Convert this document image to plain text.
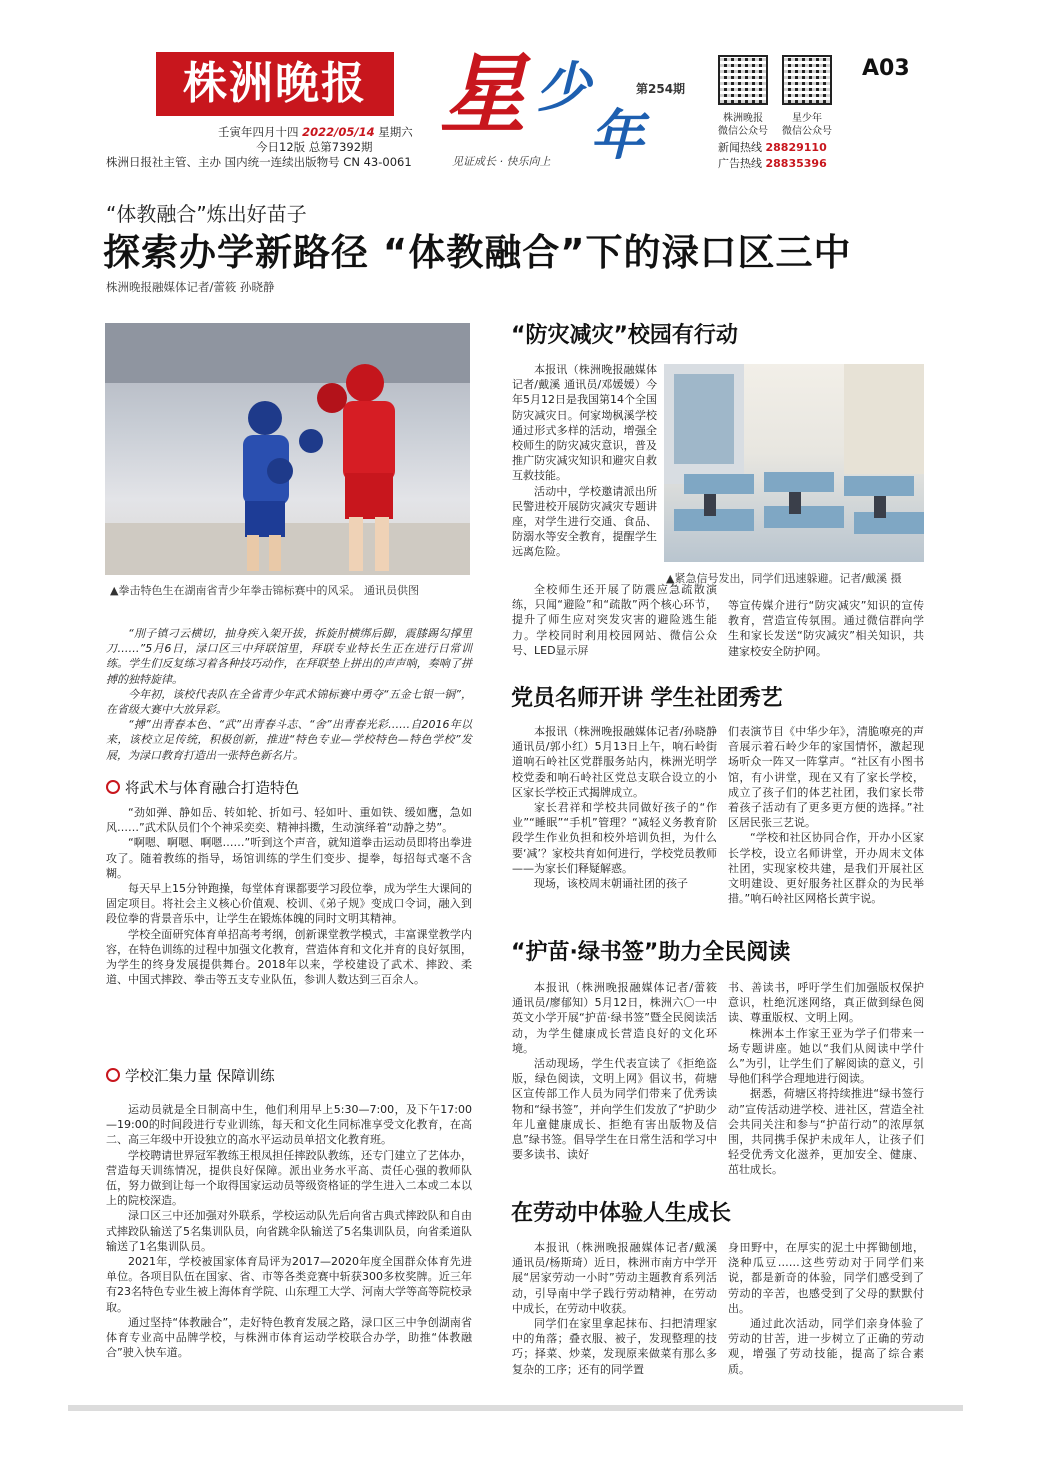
株洲晚报 星 少
年
第254期
见证成长 · 快乐向上
壬寅年四月十四 2022/05/14 星期六
今日12版 总第7392期
株洲日报社主管、主办 国内统一连续出版物号 CN 43-0061
株洲晚报
微信公众号
星少年
微信公众号
新闻热线 28829110
广告热线 28835396
A03
“体教融合”炼出好苗子
探索办学新路径 “体教融合”下的渌口区三中
株洲晚报融媒体记者/蕾筱 孙晓静
▲拳击特色生在湖南省青少年拳击锦标赛中的风采。 通讯员供图

“刖子镇刁云横切，抽身疾入架开拔，拆旋肘横绑后脚，震膝踢勾撑里刀……”5月6日，渌口区三中拜联馆里，拜联专业特长生正在进行日常训练。学生们反复练习着各种技巧动作，在拜联垫上拼出的声声响，奏响了拼搏的独特旋律。

今年初，该校代表队在全省青少年武术锦标赛中勇夺“五金七银一铜”，在省级大赛中大放异彩。

“搏”出青春本色、“武”出青春斗志、“舍”出青春光彩……自2016年以来，该校立足传统，积极创新，推进“特色专业—学校特色—特色学校”发展，为渌口教育打造出一张特色新名片。

将武术与体育融合打造特色

“劲如弹、静如岳、转如轮、折如弓、轻如叶、重如铁、缓如鹰，急如风……”武术队员们个个神采奕奕、精神抖擞，生动演绎着“动静之势”。

“啊嗯、啊嗯、啊嗯……”听到这个声音，就知道拳击运动员即将出拳进攻了。随着教练的指导，场馆训练的学生们变步、提拳，每招每式毫不含糊。

每天早上15分钟跑操，每堂体育课都要学习段位拳，成为学生大课间的固定项目。将社会主义核心价值观、校训、《弟子规》变成口令词，融入到段位拳的背景音乐中，让学生在锻炼体魄的同时文明其精神。

学校全面研究体育单招高考考纲，创新课堂教学模式，丰富课堂教学内容，在特色训练的过程中加强文化教育，营造体育和文化并育的良好氛围，为学生的终身发展提供舞台。2018年以来，学校建设了武术、摔跤、柔道、中国式摔跤、拳击等五支专业队伍，参训人数达到三百余人。

学校汇集力量 保障训练

运动员就是全日制高中生，他们利用早上5:30—7:00，及下午17:00—19:00的时间段进行专业训练，每天和文化生同标准享受文化教育，在高二、高三年级中开设独立的高水平运动员单招文化教育班。

学校聘请世界冠军教练王根凤担任摔跤队教练，还专门建立了艺体办，营造每天训练情况，提供良好保障。派出业务水平高、责任心强的教师队伍，努力做到让每一个取得国家运动员等级资格证的学生进入二本或二本以上的院校深造。

渌口区三中还加强对外联系，学校运动队先后向省古典式摔跤队和自由式摔跤队输送了5名集训队员，向省跳伞队输送了5名集训队员，向省柔道队输送了1名集训队员。

2021年，学校被国家体育局评为2017—2020年度全国群众体育先进单位。各项目队伍在国家、省、市等各类竞赛中斩获300多枚奖牌。近三年有23名特色专业生被上海体育学院、山东理工大学、河南大学等高等院校录取。

通过坚持“体教融合”，走好特色教育发展之路，渌口区三中争创湖南省体育专业高中品牌学校，与株洲市体育运动学校联合办学，助推“体教融合”驶入快车道。

“防灾减灾”校园有行动

本报讯（株洲晚报融媒体记者/戴溪 通讯员/邓媛媛）今年5月12日是我国第14个全国防灾减灾日。何家坳枫溪学校通过形式多样的活动，增强全校师生的防灾减灾意识，普及推广防灾减灾知识和避灾自救互救技能。

活动中，学校邀请派出所民警进校开展防灾减灾专题讲座，对学生进行交通、食品、防溺水等安全教育，提醒学生远离危险。

▲紧急信号发出，同学们迅速躲避。记者/戴溪 摄

全校师生还开展了防震应急疏散演练，只闻“避险”和“疏散”两个核心环节，提升了师生应对突发灾害的避险逃生能力。学校同时利用校园网站、微信公众号、LED显示屏

等宣传媒介进行“防灾减灾”知识的宣传教育，营造宣传氛围。通过微信群向学生和家长发送“防灾减灾”相关知识，共建家校安全防护网。

党员名师开讲 学生社团秀艺

本报讯（株洲晚报融媒体记者/孙晓静 通讯员/郭小红）5月13日上午，响石岭街道响石岭社区党群服务站内，株洲光明学校党委和响石岭社区党总支联合设立的小区家长学校正式揭牌成立。

家长君祥和学校共同做好孩子的“作业”“睡眠”“手机”管理？“减轻义务教育阶段学生作业负担和校外培训负担，为什么要‘减’？家校共育如何进行，学校党员教师——为家长们释疑解惑。

现场，该校周末朝诵社团的孩子

们表演节目《中华少年》，清脆嘹亮的声音展示着石岭少年的家国情怀，激起现场听众一阵又一阵掌声。“社区有小图书馆，有小讲堂，现在又有了家长学校，成立了孩子们的体艺社团，我们家长带着孩子活动有了更多更方便的选择。”社区居民张三艺说。

“学校和社区协同合作，开办小区家长学校，设立名师讲堂，开办周末文体社团，实现家校共建，是我们开展社区文明建设、更好服务社区群众的为民举措。”响石岭社区网格长黄宇说。

“护苗·绿书签”助力全民阅读

本报讯（株洲晚报融媒体记者/蕾筱 通讯员/廖郁知）5月12日，株洲六〇一中英文小学开展“护苗·绿书签”暨全民阅读活动，为学生健康成长营造良好的文化环境。

活动现场，学生代表宣读了《拒绝盗版，绿色阅读，文明上网》倡议书，荷塘区宣传部工作人员为同学们带来了优秀读物和“绿书签”，并向学生们发放了“护助少年儿童健康成长、拒绝有害出版物及信息”绿书签。倡导学生在日常生活和学习中要多读书、读好

书、善读书，呼吁学生们加强版权保护意识，杜绝沉迷网络，真正做到绿色阅读、尊重版权、文明上网。

株洲本土作家王亚为学子们带来一场专题讲座。她以“我们从阅读中学什么”为引，让学生们了解阅读的意义，引导他们科学合理地进行阅读。

据悉，荷塘区将持续推进“绿书签行动”宣传活动进学校、进社区，营造全社会共同关注和参与“护苗行动”的浓厚氛围，共同携手保护未成年人，让孩子们轻受优秀文化滋养，更加安全、健康、茁壮成长。

在劳动中体验人生成长

本报讯（株洲晚报融媒体记者/戴溪 通讯员/杨斯琦）近日，株洲市南方中学开展“居家劳动一小时”劳动主题教育系列活动，引导南中学子践行劳动精神，在劳动中成长，在劳动中收获。

同学们在家里拿起抹布、扫把清理家中的角落；叠衣服、被子，发现整理的技巧；择菜、炒菜，发现原来做菜有那么多复杂的工序；还有的同学置

身田野中，在厚实的泥土中挥锄刨地，浇种瓜豆……这些劳动对于同学们来说，都是新奇的体验，同学们感受到了劳动的辛苦，也感受到了父母的默默付出。

通过此次活动，同学们亲身体验了劳动的甘苦，进一步树立了正确的劳动观，增强了劳动技能，提高了综合素质。
